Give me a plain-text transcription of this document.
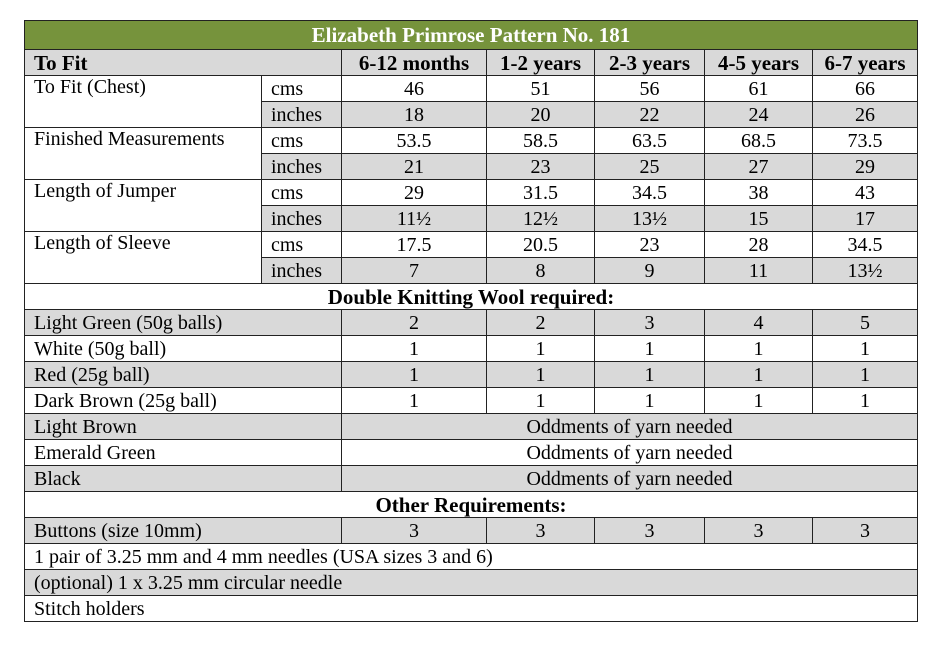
Elizabeth Primrose Pattern No. 181						
To Fit		6-12 months	1-2 years	2-3 years	4-5 years	6-7 years
To Fit (Chest)	cms	46	51	56	61	66
	inches	18	20	22	24	26
Finished Measurements	cms	53.5	58.5	63.5	68.5	73.5
	inches	21	23	25	27	29
Length of Jumper	cms	29	31.5	34.5	38	43
	inches	11½	12½	13½	15	17
Length of Sleeve	cms	17.5	20.5	23	28	34.5
	inches	7	8	9	11	13½
Double Knitting Wool required:						
Light Green (50g balls)		2	2	3	4	5
White (50g ball)		1	1	1	1	1
Red (25g ball)		1	1	1	1	1
Dark Brown (25g ball)		1	1	1	1	1
Light Brown		Oddments of yarn needed				
Emerald Green		Oddments of yarn needed				
Black		Oddments of yarn needed				
Other Requirements:						
Buttons (size 10mm)		3	3	3	3	3
1 pair of 3.25 mm and 4 mm needles (USA sizes 3 and 6)						
(optional) 1 x 3.25 mm circular needle						
Stitch holders						
